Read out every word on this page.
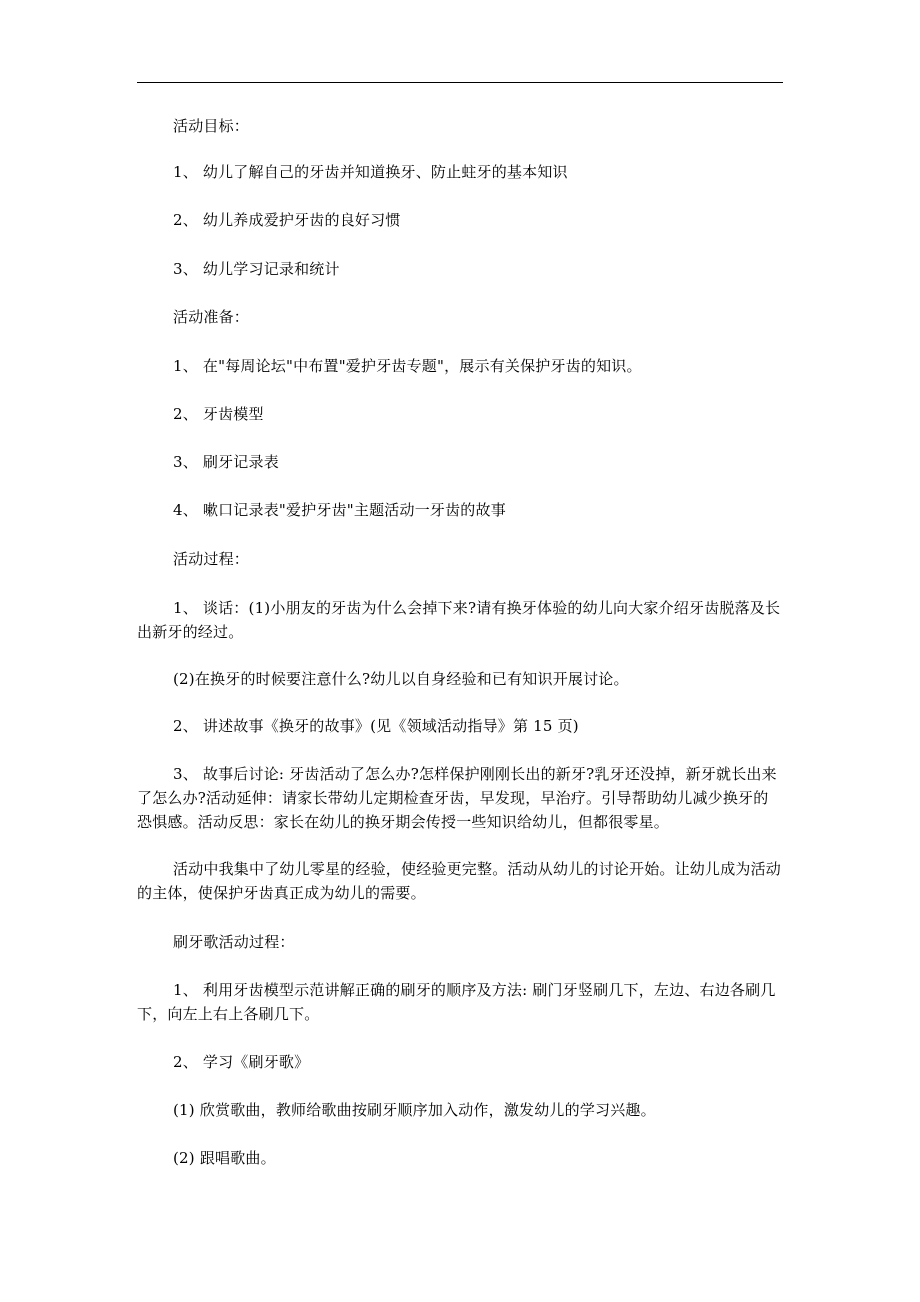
活动目标：
1、 幼儿了解自己的牙齿并知道换牙、防止蛀牙的基本知识
2、 幼儿养成爱护牙齿的良好习惯
3、 幼儿学习记录和统计
活动准备：
1、 在"每周论坛"中布置"爱护牙齿专题"，展示有关保护牙齿的知识。
2、 牙齿模型
3、 刷牙记录表
4、 嗽口记录表"爱护牙齿"主题活动一牙齿的故事
活动过程：
1、 谈话：(1)小朋友的牙齿为什么会掉下来?请有换牙体验的幼儿向大家介绍牙齿脱落及长出新牙的经过。
(2)在换牙的时候要注意什么?幼儿以自身经验和已有知识开展讨论。
2、 讲述故事《换牙的故事》(见《领域活动指导》第 15 页)
3、 故事后讨论: 牙齿活动了怎么办?怎样保护刚刚长出的新牙?乳牙还没掉，新牙就长出来了怎么办?活动延伸：请家长带幼儿定期检查牙齿，早发现，早治疗。引导帮助幼儿减少换牙的恐惧感。活动反思：家长在幼儿的换牙期会传授一些知识给幼儿，但都很零星。
活动中我集中了幼儿零星的经验，使经验更完整。活动从幼儿的讨论开始。让幼儿成为活动的主体，使保护牙齿真正成为幼儿的需要。
刷牙歌活动过程：
1、 利用牙齿模型示范讲解正确的刷牙的顺序及方法: 刷门牙竖刷几下，左边、右边各刷几下，向左上右上各刷几下。
2、 学习《刷牙歌》
(1) 欣赏歌曲，教师给歌曲按刷牙顺序加入动作，激发幼儿的学习兴趣。
(2) 跟唱歌曲。
